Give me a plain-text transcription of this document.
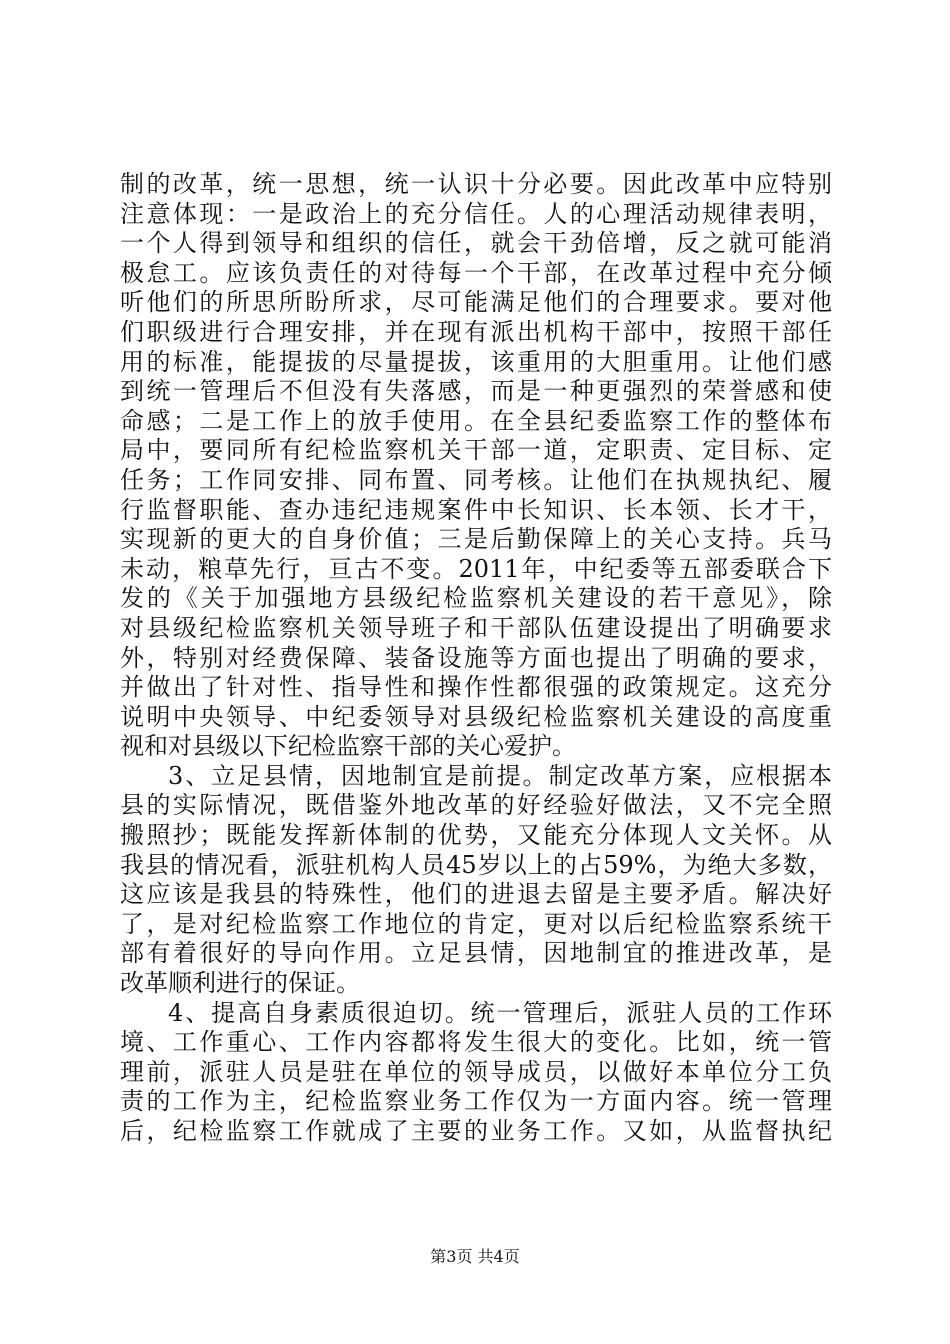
制的改革，统一思想，统一认识十分必要。因此改革中应特别
注意体现：一是政治上的充分信任。人的心理活动规律表明，
一个人得到领导和组织的信任，就会干劲倍增，反之就可能消
极怠工。应该负责任的对待每一个干部，在改革过程中充分倾
听他们的所思所盼所求，尽可能满足他们的合理要求。要对他
们职级进行合理安排，并在现有派出机构干部中，按照干部任
用的标准，能提拔的尽量提拔，该重用的大胆重用。让他们感
到统一管理后不但没有失落感，而是一种更强烈的荣誉感和使
命感；二是工作上的放手使用。在全县纪委监察工作的整体布
局中，要同所有纪检监察机关干部一道，定职责、定目标、定
任务；工作同安排、同布置、同考核。让他们在执规执纪、履
行监督职能、查办违纪违规案件中长知识、长本领、长才干，
实现新的更大的自身价值；三是后勤保障上的关心支持。兵马
未动，粮草先行，亘古不变。2011年，中纪委等五部委联合下
发的《关于加强地方县级纪检监察机关建设的若干意见》，除
对县级纪检监察机关领导班子和干部队伍建设提出了明确要求
外，特别对经费保障、装备设施等方面也提出了明确的要求，
并做出了针对性、指导性和操作性都很强的政策规定。这充分
说明中央领导、中纪委领导对县级纪检监察机关建设的高度重
视和对县级以下纪检监察干部的关心爱护。
3、立足县情，因地制宜是前提。制定改革方案，应根据本
县的实际情况，既借鉴外地改革的好经验好做法，又不完全照
搬照抄；既能发挥新体制的优势，又能充分体现人文关怀。从
我县的情况看，派驻机构人员45岁以上的占59%，为绝大多数，
这应该是我县的特殊性，他们的进退去留是主要矛盾。解决好
了，是对纪检监察工作地位的肯定，更对以后纪检监察系统干
部有着很好的导向作用。立足县情，因地制宜的推进改革，是
改革顺利进行的保证。
4、提高自身素质很迫切。统一管理后，派驻人员的工作环
境、工作重心、工作内容都将发生很大的变化。比如，统一管
理前，派驻人员是驻在单位的领导成员，以做好本单位分工负
责的工作为主，纪检监察业务工作仅为一方面内容。统一管理
后，纪检监察工作就成了主要的业务工作。又如，从监督执纪
第3页 共4页
